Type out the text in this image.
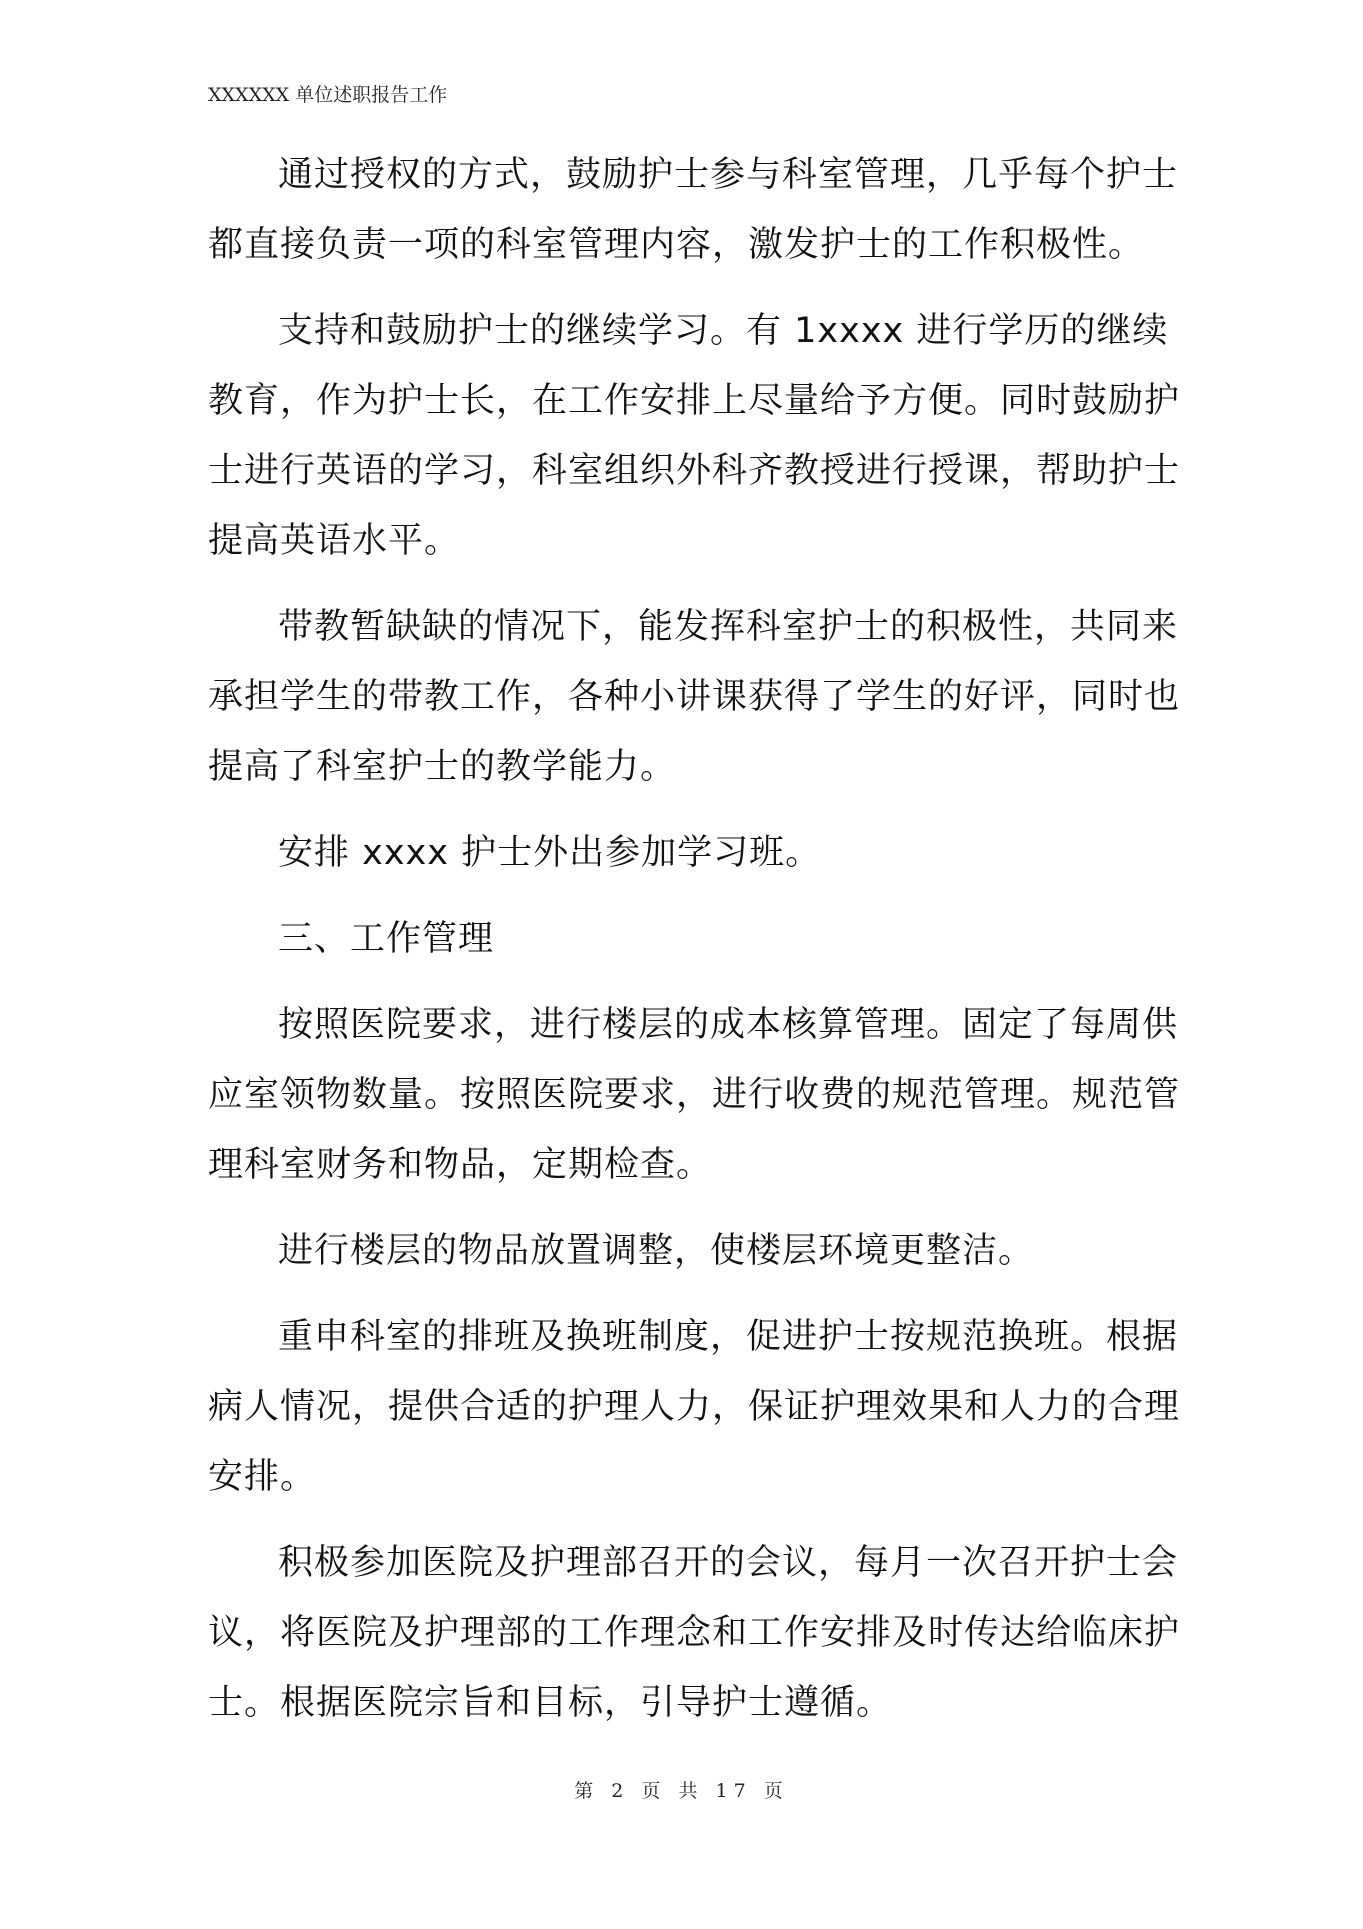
XXXXXX 单位述职报告工作

通过授权的方式，鼓励护士参与科室管理，几乎每个护士都直接负责一项的科室管理内容，激发护士的工作积极性。

支持和鼓励护士的继续学习。有 1xxxx 进行学历的继续教育，作为护士长，在工作安排上尽量给予方便。同时鼓励护士进行英语的学习，科室组织外科齐教授进行授课，帮助护士提高英语水平。

带教暂缺缺的情况下，能发挥科室护士的积极性，共同来承担学生的带教工作，各种小讲课获得了学生的好评，同时也提高了科室护士的教学能力。

安排 xxxx 护士外出参加学习班。

三、工作管理

按照医院要求，进行楼层的成本核算管理。固定了每周供应室领物数量。按照医院要求，进行收费的规范管理。规范管理科室财务和物品，定期检查。

进行楼层的物品放置调整，使楼层环境更整洁。

重申科室的排班及换班制度，促进护士按规范换班。根据病人情况，提供合适的护理人力，保证护理效果和人力的合理安排。

积极参加医院及护理部召开的会议，每月一次召开护士会议，将医院及护理部的工作理念和工作安排及时传达给临床护士。根据医院宗旨和目标，引导护士遵循。

第 2 页 共 17 页
